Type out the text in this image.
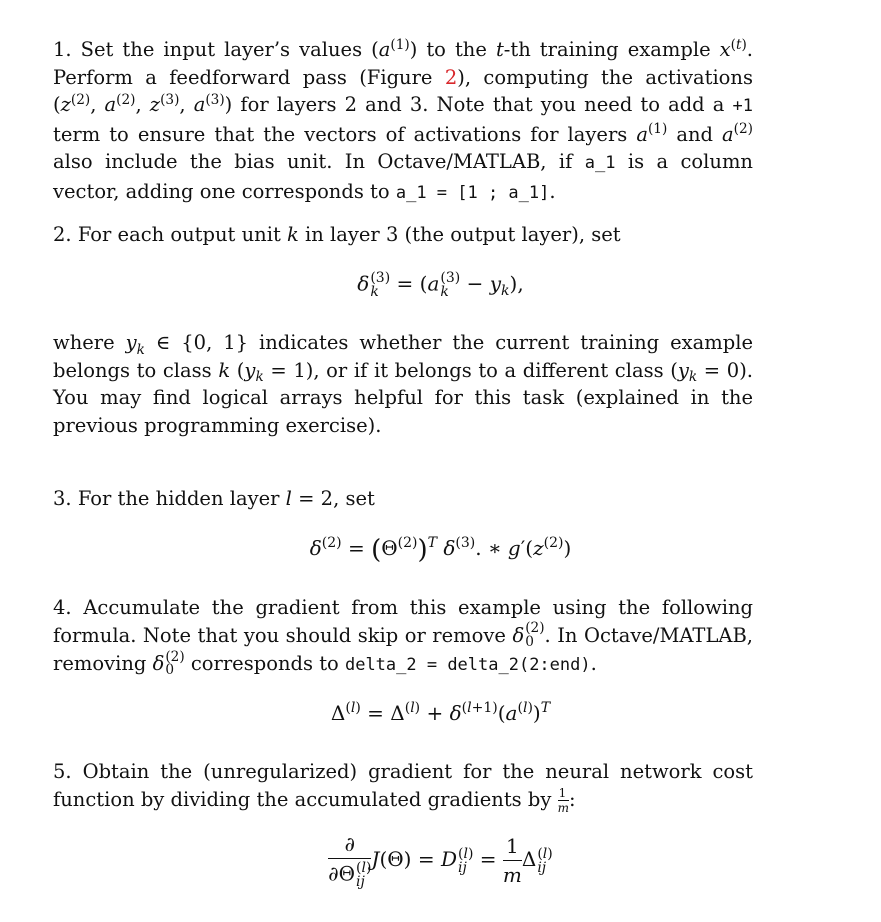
1. Set the input layer’s values $(a^{(1)})$ to the t-th training example $x^{(t)}$. Perform a feedforward pass (Figure 2), computing the activations ($z^{(2)}$, $a^{(2)}$, $z^{(3)}$, $a^{(3)}$) for layers 2 and 3. Note that you need to add a +1 term to ensure that the vectors of activations for layers $a^{(1)}$ and $a^{(2)}$ also include the bias unit. In Octave/MATLAB, if a_1 is a column vector, adding one corresponds to a_1 = [1 ; a_1].

2. For each output unit k in layer 3 (the output layer), set

δ (3)
k = (a (3)
$k - y_k$),

where $y_k$ ∈ {0, 1} indicates whether the current training example belongs to class k $(y_k = 1)$, or if it belongs to a different class $(y_k = 0)$. You may find logical arrays helpful for this task (explained in the previous programming exercise).

3. For the hidden layer l = 2, set

$\delta^{(2)} = (\Theta^{(2)})^T$ $\delta^{(3)}$. ∗ $g'(z^{(2)})$

4. Accumulate the gradient from this example using the following formula. Note that you should skip or remove δ (2)
0 . In Octave/MATLAB, removing δ (2)
0 corresponds to delta_2 = delta_2(2:end).

$\Delta^{(l)} = \Delta^{(l)} + \delta^{(l+1)}(a^{(l)})^T$

5. Obtain the (unregularized) gradient for the neural network cost function by dividing the accumulated gradients by $\frac{1}{m}$ :

∂
∂Θ (l)
ij J(Θ) = D (l)
ij = $\frac{1}{m}$ Δ (l)
ij
